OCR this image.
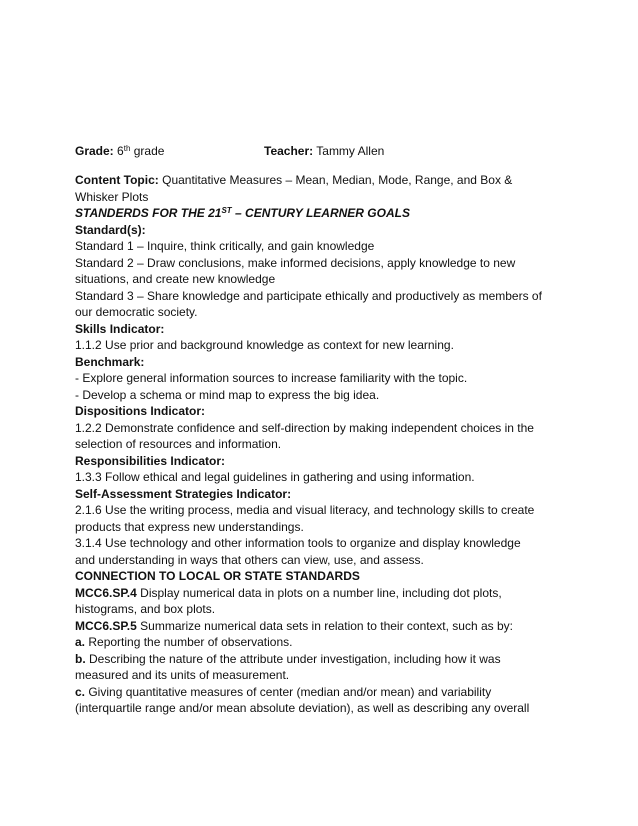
Grade: 6th grade	Teacher: Tammy Allen
Content Topic: Quantitative Measures – Mean, Median, Mode, Range, and Box &
Whisker Plots
STANDERDS FOR THE 21ST – CENTURY LEARNER GOALS
Standard(s):
Standard 1 – Inquire, think critically, and gain knowledge
Standard 2 – Draw conclusions, make informed decisions, apply knowledge to new
situations, and create new knowledge
Standard 3 – Share knowledge and participate ethically and productively as members of
our democratic society.
Skills Indicator:
1.1.2 Use prior and background knowledge as context for new learning.
Benchmark:
- Explore general information sources to increase familiarity with the topic.
- Develop a schema or mind map to express the big idea.
Dispositions Indicator:
1.2.2 Demonstrate confidence and self-direction by making independent choices in the
selection of resources and information.
Responsibilities Indicator:
1.3.3 Follow ethical and legal guidelines in gathering and using information.
Self-Assessment Strategies Indicator:
2.1.6 Use the writing process, media and visual literacy, and technology skills to create
products that express new understandings.
3.1.4 Use technology and other information tools to organize and display knowledge
and understanding in ways that others can view, use, and assess.
CONNECTION TO LOCAL OR STATE STANDARDS
MCC6.SP.4 Display numerical data in plots on a number line, including dot plots,
histograms, and box plots.
MCC6.SP.5 Summarize numerical data sets in relation to their context, such as by:
a. Reporting the number of observations.
b. Describing the nature of the attribute under investigation, including how it was
measured and its units of measurement.
c. Giving quantitative measures of center (median and/or mean) and variability
(interquartile range and/or mean absolute deviation), as well as describing any overall
